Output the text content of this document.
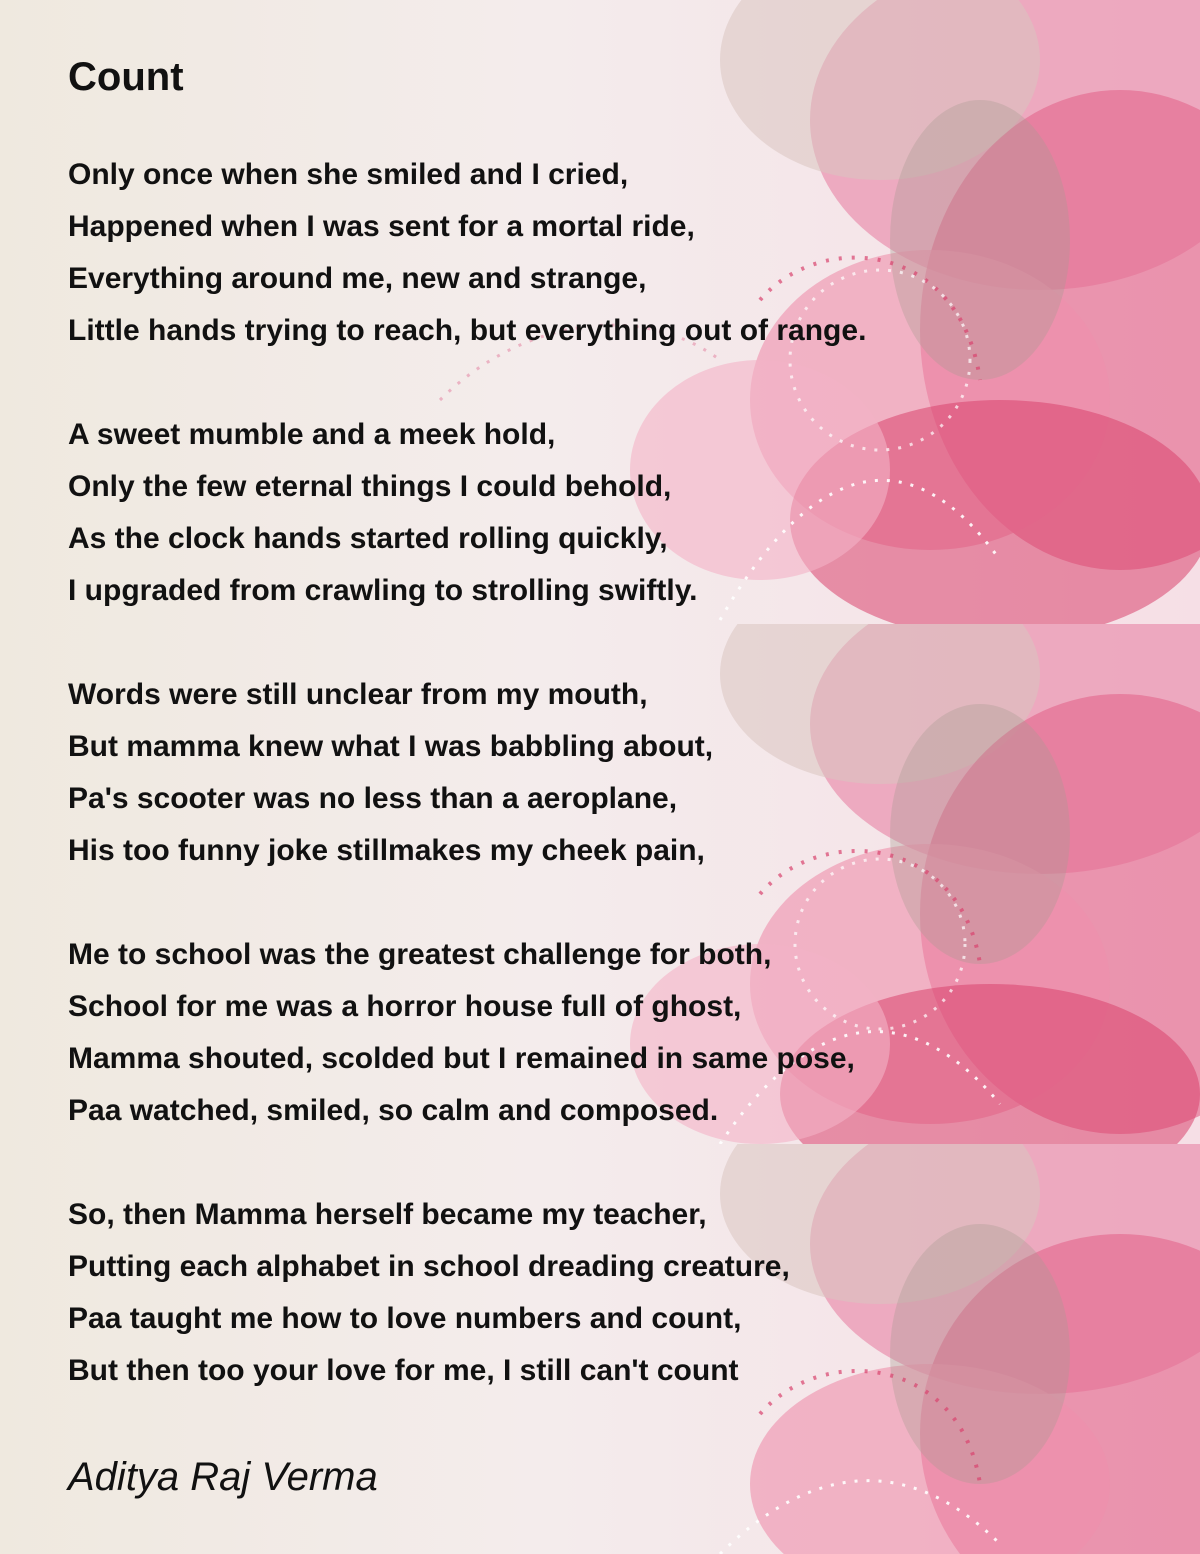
Count
Only once when she smiled and I cried,
Happened when I was sent for a mortal ride,
Everything around me, new and strange,
Little hands trying to reach, but everything out of range.
A sweet mumble and a meek hold,
Only the few eternal things I could behold,
As the clock hands started rolling quickly,
I upgraded from crawling to strolling swiftly.
Words were still unclear from my mouth,
But mamma knew what I was babbling about,
Pa's scooter was no less than a aeroplane,
His too funny joke stillmakes my cheek pain,
Me to school was the greatest challenge for both,
School for me was a horror house full of ghost,
Mamma shouted, scolded but I remained in same pose,
Paa watched, smiled, so calm and composed.
So, then Mamma herself became my teacher,
Putting each alphabet in school dreading creature,
Paa taught me how to love numbers and count,
But then too your love for me, I still can't count
Aditya Raj Verma
